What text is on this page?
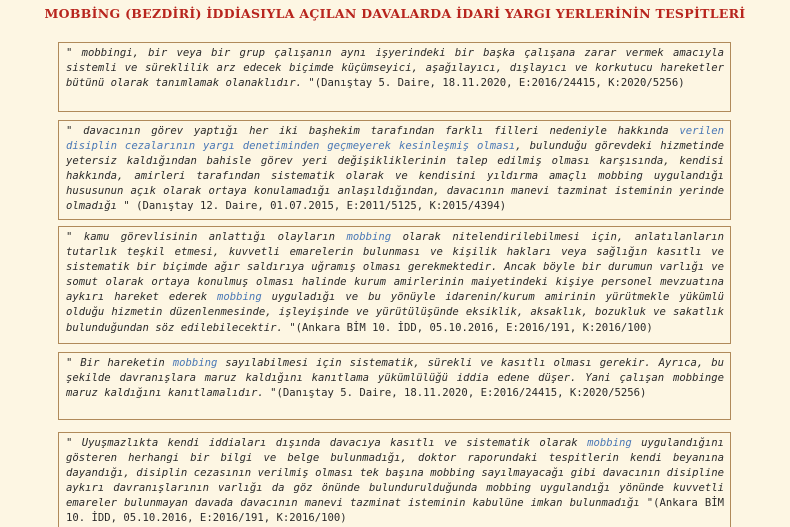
MOBBİNG (BEZDİRİ) İDDİASIYLA AÇILAN DAVALARDA İDARİ YARGI YERLERİNİN TESPİTLERİ

" mobbingi, bir veya bir grup çalışanın aynı işyerindeki bir başka çalışana zarar vermek amacıyla sistemli ve süreklilik arz edecek biçimde küçümseyici, aşağılayıcı, dışlayıcı ve korkutucu hareketler bütünü olarak tanımlamak olanaklıdır. "(Danıştay 5. Daire, 18.11.2020, E:2016/24415, K:2020/5256)

" davacının görev yaptığı her iki başhekim tarafından farklı filleri nedeniyle hakkında verilen disiplin cezalarının yargı denetiminden geçmeyerek kesinleşmiş olması, bulunduğu görevdeki hizmetinde yetersiz kaldığından bahisle görev yeri değişikliklerinin talep edilmiş olması karşısında, kendisi hakkında, amirleri tarafından sistematik olarak ve kendisini yıldırma amaçlı mobbing uygulandığı hususunun açık olarak ortaya konulamadığı anlaşıldığından, davacının manevi tazminat isteminin yerinde olmadığı " (Danıştay 12. Daire, 01.07.2015, E:2011/5125, K:2015/4394)

" kamu görevlisinin anlattığı olayların mobbing olarak nitelendirilebilmesi için, anlatılanların tutarlık teşkil etmesi, kuvvetli emarelerin bulunması ve kişilik hakları veya sağlığın kasıtlı ve sistematik bir biçimde ağır saldırıya uğramış olması gerekmektedir. Ancak böyle bir durumun varlığı ve somut olarak ortaya konulmuş olması halinde kurum amirlerinin maiyetindeki kişiye personel mevzuatına aykırı hareket ederek mobbing uyguladığı ve bu yönüyle idarenin/kurum amirinin yürütmekle yükümlü olduğu hizmetin düzenlenmesinde, işleyişinde ve yürütülüşünde eksiklik, aksaklık, bozukluk ve sakatlık bulunduğundan söz edilebilecektir. "(Ankara BİM 10. İDD, 05.10.2016, E:2016/191, K:2016/100)

" Bir hareketin mobbing sayılabilmesi için sistematik, sürekli ve kasıtlı olması gerekir. Ayrıca, bu şekilde davranışlara maruz kaldığını kanıtlama yükümlülüğü iddia edene düşer. Yani çalışan mobbinge maruz kaldığını kanıtlamalıdır. "(Danıştay 5. Daire, 18.11.2020, E:2016/24415, K:2020/5256)

" Uyuşmazlıkta kendi iddiaları dışında davacıya kasıtlı ve sistematik olarak mobbing uygulandığını gösteren herhangi bir bilgi ve belge bulunmadığı, doktor raporundaki tespitlerin kendi beyanına dayandığı, disiplin cezasının verilmiş olması tek başına mobbing sayılmayacağı gibi davacının disipline aykırı davranışlarının varlığı da göz önünde bulundurulduğunda mobbing uygulandığı yönünde kuvvetli emareler bulunmayan davada davacının manevi tazminat isteminin kabulüne imkan bulunmadığı "(Ankara BİM 10. İDD, 05.10.2016, E:2016/191, K:2016/100)
